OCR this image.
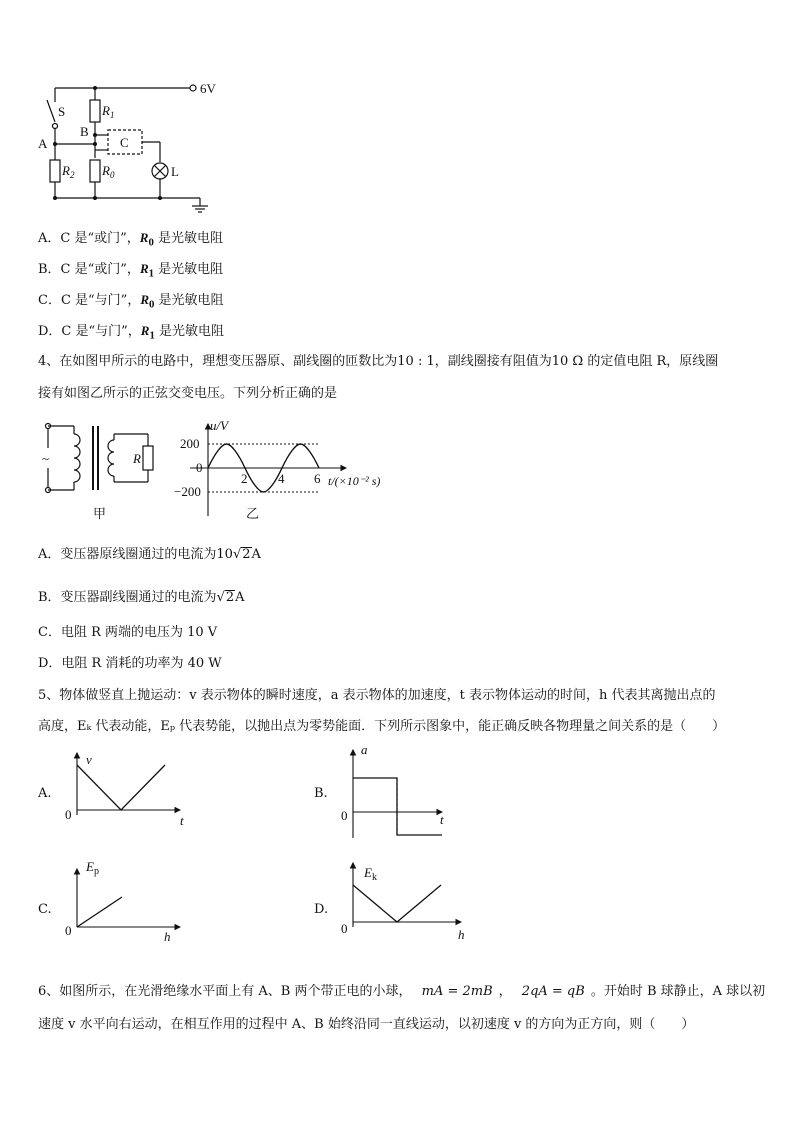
6V
S
A
B
$R_1$
C
$R_2$ $R_0$	L
A．C 是“或门”，$R_0$ 是光敏电阻
B．C 是“或门”，$R_1$ 是光敏电阻
C．C 是“与门”，$R_0$ 是光敏电阻
D．C 是“与门”，$R_1$ 是光敏电阻
4、在如图甲所示的电路中，理想变压器原、副线圈的匝数比为10 : 1，副线圈接有阻值为10 Ω 的定值电阻 R，原线圈
接有如图乙所示的正弦交变电压。下列分析正确的是
~	R
甲
u/V
200
0
−200
2 4 6 t/(×10⁻² s)
乙
A．变压器原线圈通过的电流为10√2A
B．变压器副线圈通过的电流为√2A
C．电阻 R 两端的电压为 10 V
D．电阻 R 消耗的功率为 40 W
5、物体做竖直上抛运动：v 表示物体的瞬时速度，a 表示物体的加速度，t 表示物体运动的时间，h 代表其离抛出点的
高度，Eₖ 代表动能，Eₚ 代表势能，以抛出点为零势能面．下列所示图象中，能正确反映各物理量之间关系的是（　　）
A.
v
t
0
B.
a
t
0
C.
$E_p$
h
0
D.
$E_k$
h
0
6、如图所示，在光滑绝缘水平面上有 A、B 两个带正电的小球， mA = 2mB ， 2qA = qB 。开始时 B 球静止，A 球以初
速度 v 水平向右运动，在相互作用的过程中 A、B 始终沿同一直线运动，以初速度 v 的方向为正方向，则（　　）
